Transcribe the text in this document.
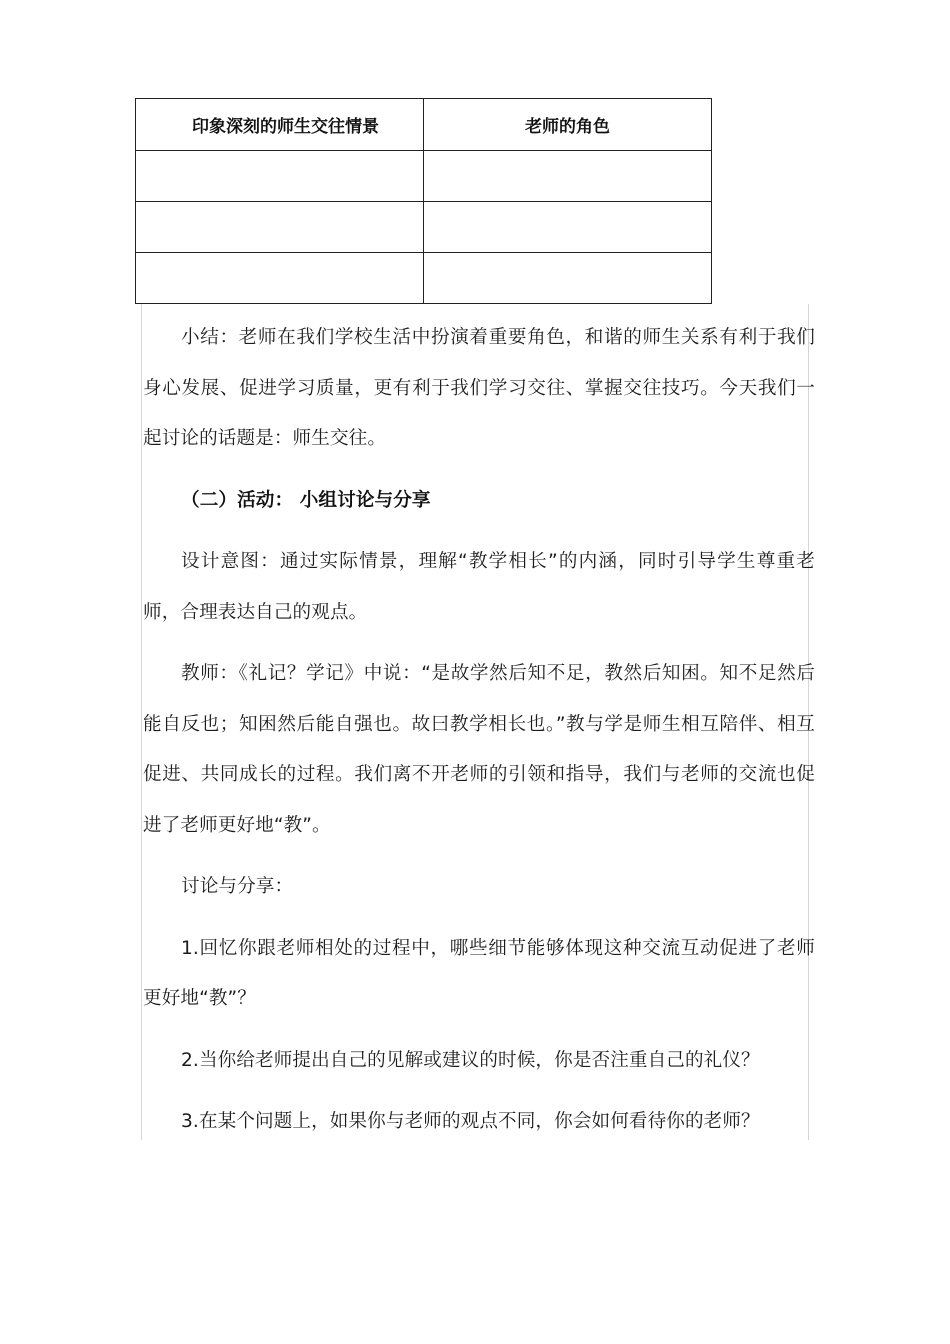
印象深刻的师生交往情景	老师的角色

小结：老师在我们学校生活中扮演着重要角色，和谐的师生关系有利于我们身心发展、促进学习质量，更有利于我们学习交往、掌握交往技巧。今天我们一起讨论的话题是：师生交往。

（二）活动： 小组讨论与分享

设计意图：通过实际情景，理解“教学相长”的内涵，同时引导学生尊重老师，合理表达自己的观点。

教师：《礼记？学记》中说：“是故学然后知不足，教然后知困。知不足然后能自反也；知困然后能自强也。故曰教学相长也。”教与学是师生相互陪伴、相互促进、共同成长的过程。我们离不开老师的引领和指导，我们与老师的交流也促进了老师更好地“教”。

讨论与分享：

1.回忆你跟老师相处的过程中，哪些细节能够体现这种交流互动促进了老师更好地“教”？

2.当你给老师提出自己的见解或建议的时候，你是否注重自己的礼仪？

3.在某个问题上，如果你与老师的观点不同，你会如何看待你的老师？
